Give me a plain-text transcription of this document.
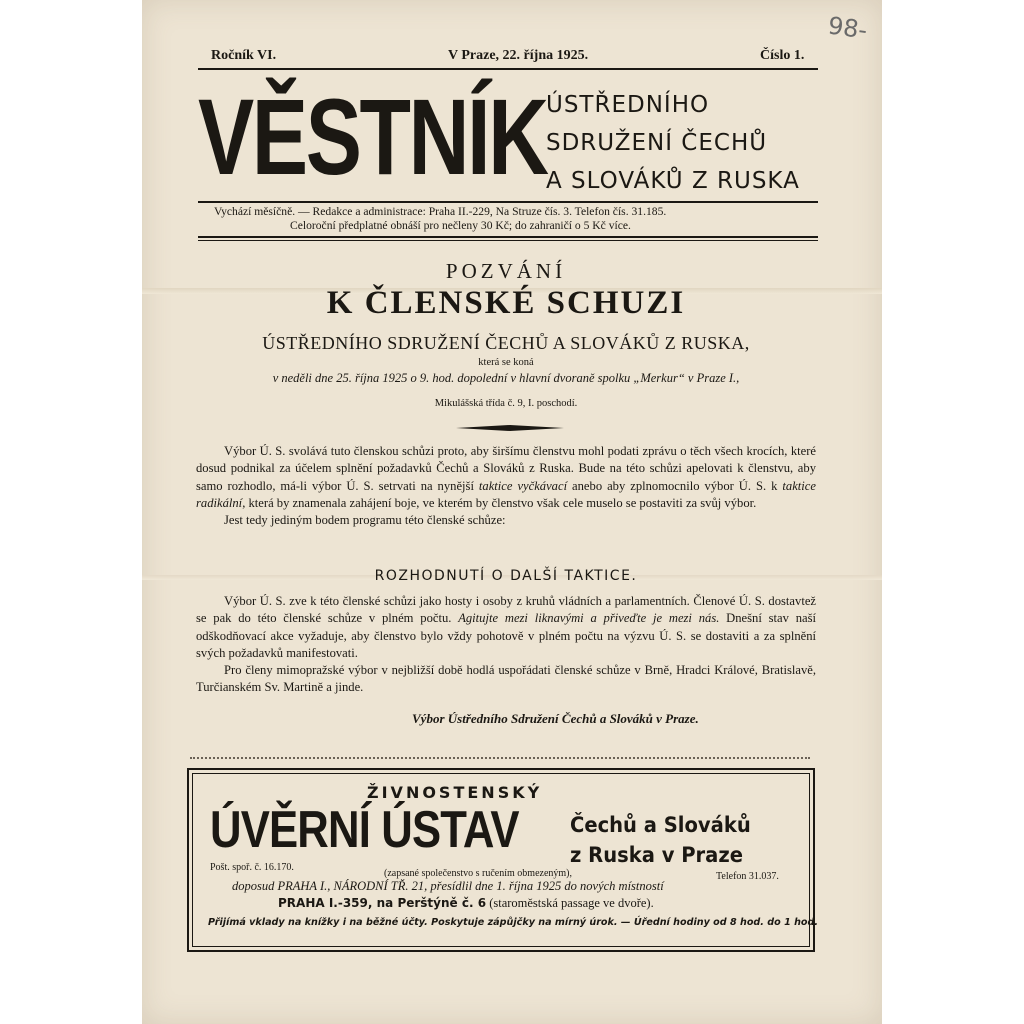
98-
Ročník VI.	V Praze, 22. října 1925.	Číslo 1.
VĚSTNÍK ÚSTŘEDNÍHO
SDRUŽENÍ ČECHŮ
A SLOVÁKŮ Z RUSKA
Vychází měsíčně. — Redakce a administrace: Praha II.-229, Na Struze čís. 3. Telefon čís. 31.185.
Celoroční předplatné obnáší pro nečleny 30 Kč; do zahraničí o 5 Kč více.
POZVÁNÍ
K ČLENSKÉ SCHUZI
ÚSTŘEDNÍHO SDRUŽENÍ ČECHŮ A SLOVÁKŮ Z RUSKA,
která se koná
v neděli dne 25. října 1925 o 9. hod. dopolední v hlavní dvoraně spolku „Merkur“ v Praze I.,
Mikulášská třída č. 9, I. poschodí.

Výbor Ú. S. svolává tuto členskou schůzi proto, aby širšímu členstvu mohl podati zprávu o těch všech krocích, které dosud podnikal za účelem splnění požadavků Čechů a Slováků z Ruska. Bude na této schůzi apelovati k členstvu, aby samo rozhodlo, má-li výbor Ú. S. setrvati na nynější taktice vyčkávací anebo aby zplnomocnilo výbor Ú. S. k taktice radikální, která by znamenala zahájení boje, ve kterém by členstvo však cele muselo se postaviti za svůj výbor.

Jest tedy jediným bodem programu této členské schůze:

ROZHODNUTÍ O DALŠÍ TAKTICE.

Výbor Ú. S. zve k této členské schůzi jako hosty i osoby z kruhů vládních a parlamentních. Členové Ú. S. dostavtež se pak do této členské schůze v plném počtu. Agitujte mezi liknavými a přiveďte je mezi nás. Dnešní stav naší odškodňovací akce vyžaduje, aby členstvo bylo vždy pohotově v plném počtu na výzvu Ú. S. se dostaviti a za splnění svých požadavků manifestovati.

Pro členy mimopražské výbor v nejbližší době hodlá uspořádati členské schůze v Brně, Hradci Králové, Bratislavě, Turčianském Sv. Martině a jinde.

Výbor Ústředního Sdružení Čechů a Slováků v Praze.
ŽIVNOSTENSKÝ
ÚVĚRNÍ ÚSTAV Čechů a Slováků
z Ruska v Praze
Pošt. spoř. č. 16.170.
(zapsané společenstvo s ručením obmezeným),	Telefon 31.037.
doposud PRAHA I., NÁRODNÍ TŘ. 21, přesídlil dne 1. října 1925 do nových místností
PRAHA I.-359, na Perštýně č. 6 (staroměstská passage ve dvoře).
Přijímá vklady na knížky i na běžné účty. Poskytuje zápůjčky na mírný úrok. — Úřední hodiny od 8 hod. do 1 hod.
